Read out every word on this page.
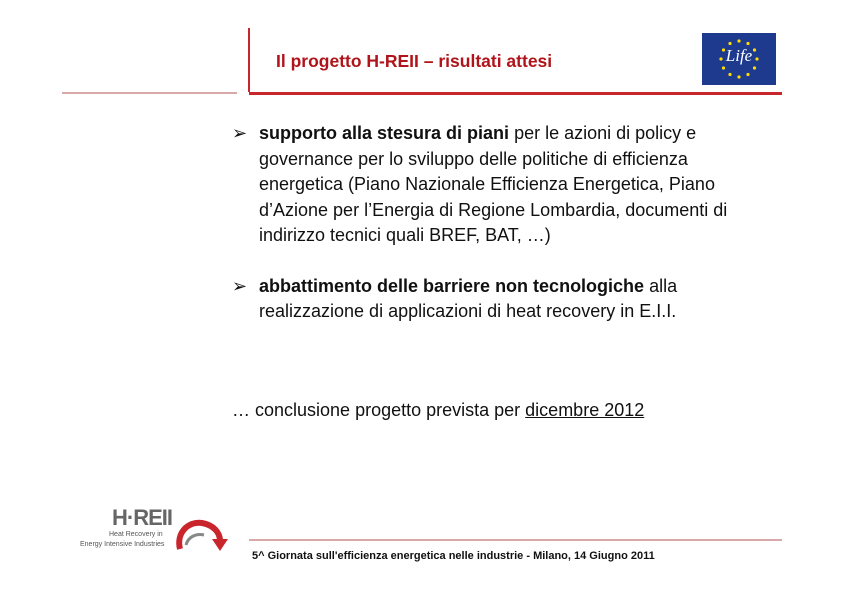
Il progetto H-REII – risultati attesi	Life

➢ supporto alla stesura di piani per le azioni di policy e governance per lo sviluppo delle politiche di efficienza energetica (Piano Nazionale Efficienza Energetica, Piano d’Azione per l’Energia di Regione Lombardia, documenti di indirizzo tecnici quali BREF, BAT, …)

➢ abbattimento delle barriere non tecnologiche alla realizzazione di applicazioni di heat recovery in E.I.I.

… conclusione progetto prevista per dicembre 2012
H·REII
Heat Recovery in
Energy Intensive Industries
5^ Giornata sull'efficienza energetica nelle industrie - Milano, 14 Giugno 2011
